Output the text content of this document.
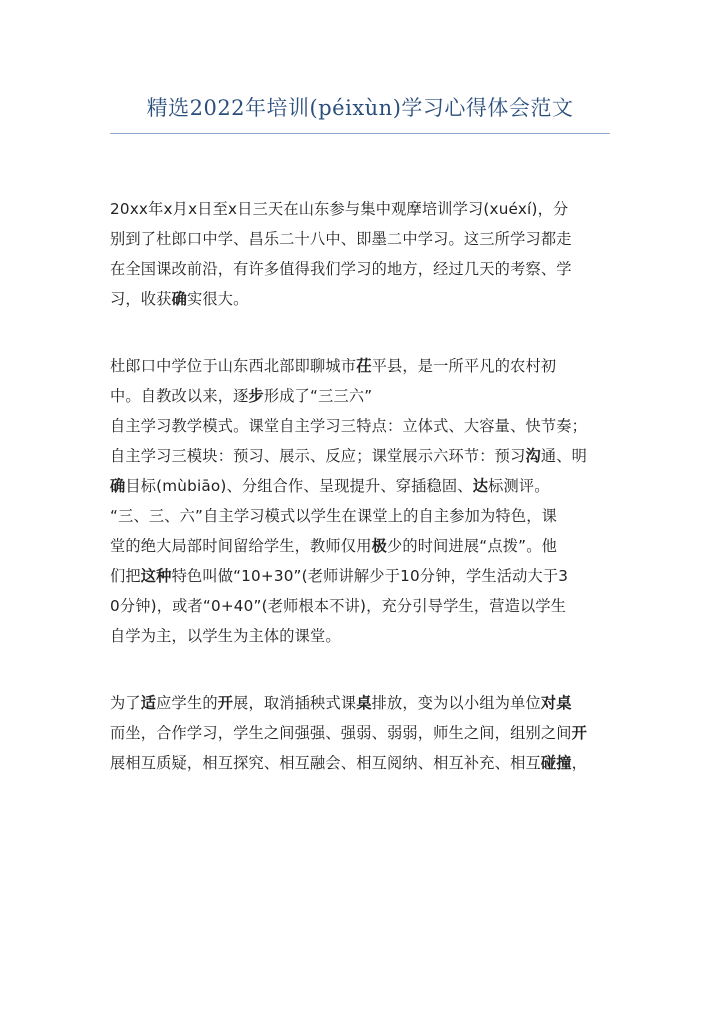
精选2022年培训(péixùn)学习心得体会范文
20xx年x月x日至x日三天在山东参与集中观摩培训学习(xuéxí)，分
别到了杜郎口中学、昌乐二十八中、即墨二中学习。这三所学习都走
在全国课改前沿，有许多值得我们学习的地方，经过几天的考察、学
习，收获确实很大。
杜郎口中学位于山东西北部即聊城市茌平县，是一所平凡的农村初
中。自教改以来，逐步形成了“三三六”
自主学习教学模式。课堂自主学习三特点：立体式、大容量、快节奏；
自主学习三模块：预习、展示、反应；课堂展示六环节：预习沟通、明
确目标(mùbiāo)、分组合作、呈现提升、穿插稳固、达标测评。
“三、三、六”自主学习模式以学生在课堂上的自主参加为特色，课
堂的绝大局部时间留给学生，教师仅用极少的时间进展“点拨”。他
们把这种特色叫做“10+30”(老师讲解少于10分钟，学生活动大于3
0分钟)，或者“0+40”(老师根本不讲)，充分引导学生，营造以学生
自学为主，以学生为主体的课堂。
为了适应学生的开展，取消插秧式课桌排放，变为以小组为单位对桌
而坐，合作学习，学生之间强强、强弱、弱弱，师生之间，组别之间开
展相互质疑，相互探究、相互融会、相互阅纳、相互补充、相互碰撞，
